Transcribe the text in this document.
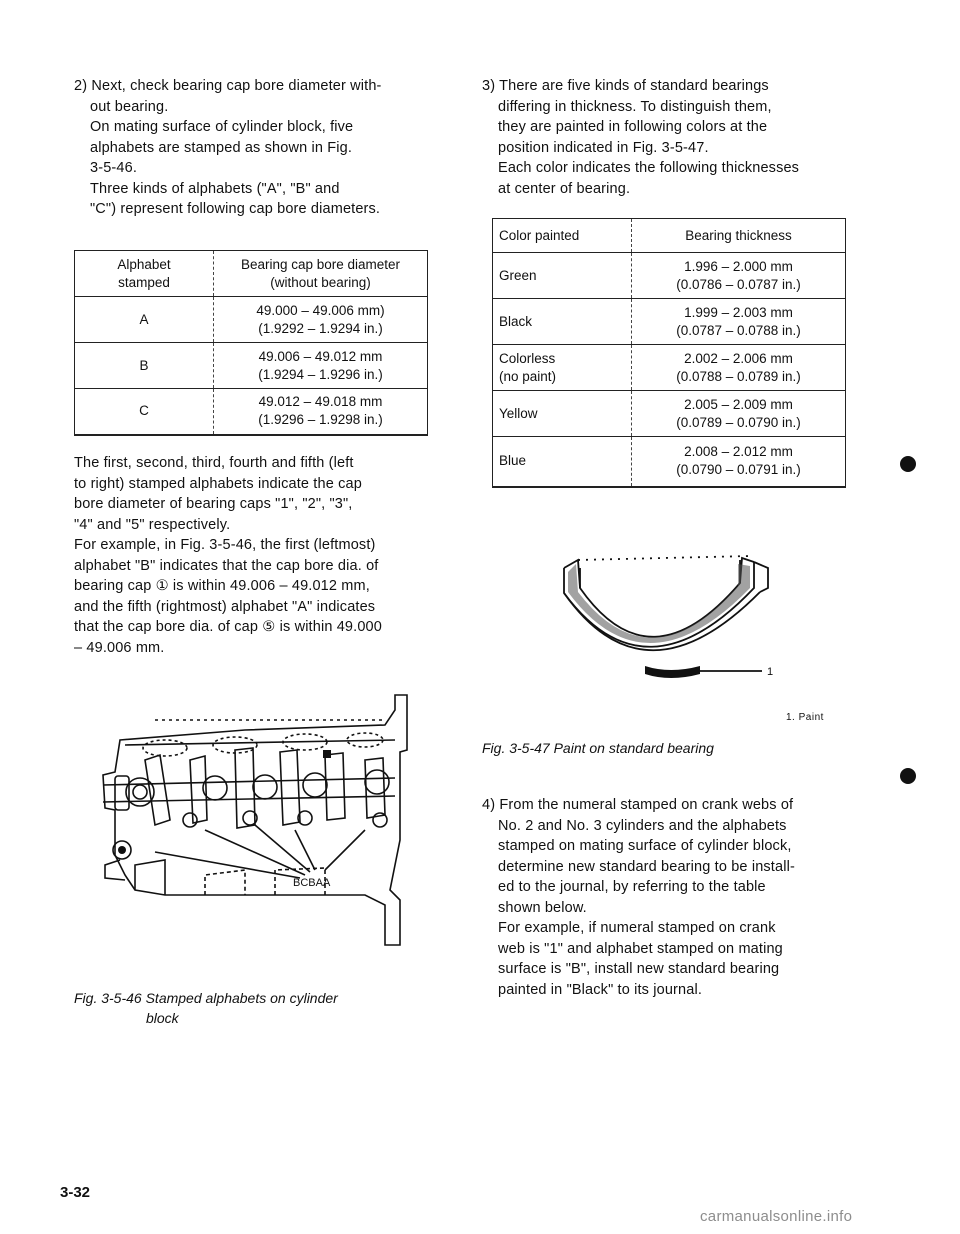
2) Next, check bearing cap bore diameter with-

out bearing.

On mating surface of cylinder block, five

alphabets are stamped as shown in Fig.

3-5-46.

Three kinds of alphabets ("A", "B" and

"C") represent following cap bore diameters.

Alphabet
stamped	Bearing cap bore diameter
(without bearing)
A	49.000 – 49.006 mm)
(1.9292 – 1.9294 in.)
B	49.006 – 49.012 mm
(1.9294 – 1.9296 in.)
C	49.012 – 49.018 mm
(1.9296 – 1.9298 in.)

The first, second, third, fourth and fifth (left

to right) stamped alphabets indicate the cap

bore diameter of bearing caps "1", "2", "3",

"4" and "5" respectively.

For example, in Fig. 3-5-46, the first (leftmost)

alphabet "B" indicates that the cap bore dia. of

bearing cap ① is within 49.006 – 49.012 mm,

and the fifth (rightmost) alphabet "A" indicates

that the cap bore dia. of cap ⑤ is within 49.000

– 49.006 mm.

BCBAA
Fig. 3-5-46 Stamped alphabets on cylinder
block

3) There are five kinds of standard bearings

differing in thickness. To distinguish them,

they are painted in following colors at the

position indicated in Fig. 3-5-47.

Each color indicates the following thicknesses

at center of bearing.

Color painted	Bearing thickness
Green	1.996 – 2.000 mm
(0.0786 – 0.0787 in.)
Black	1.999 – 2.003 mm
(0.0787 – 0.0788 in.)
Colorless
(no paint)	2.002 – 2.006 mm
(0.0788 – 0.0789 in.)
Yellow	2.005 – 2.009 mm
(0.0789 – 0.0790 in.)
Blue	2.008 – 2.012 mm
(0.0790 – 0.0791 in.)
1
1. Paint
Fig. 3-5-47 Paint on standard bearing

4) From the numeral stamped on crank webs of

No. 2 and No. 3 cylinders and the alphabets

stamped on mating surface of cylinder block,

determine new standard bearing to be install-

ed to the journal, by referring to the table

shown below.

For example, if numeral stamped on crank

web is "1" and alphabet stamped on mating

surface is "B", install new standard bearing

painted in "Black" to its journal.

3-32
carmanualsonline.info
